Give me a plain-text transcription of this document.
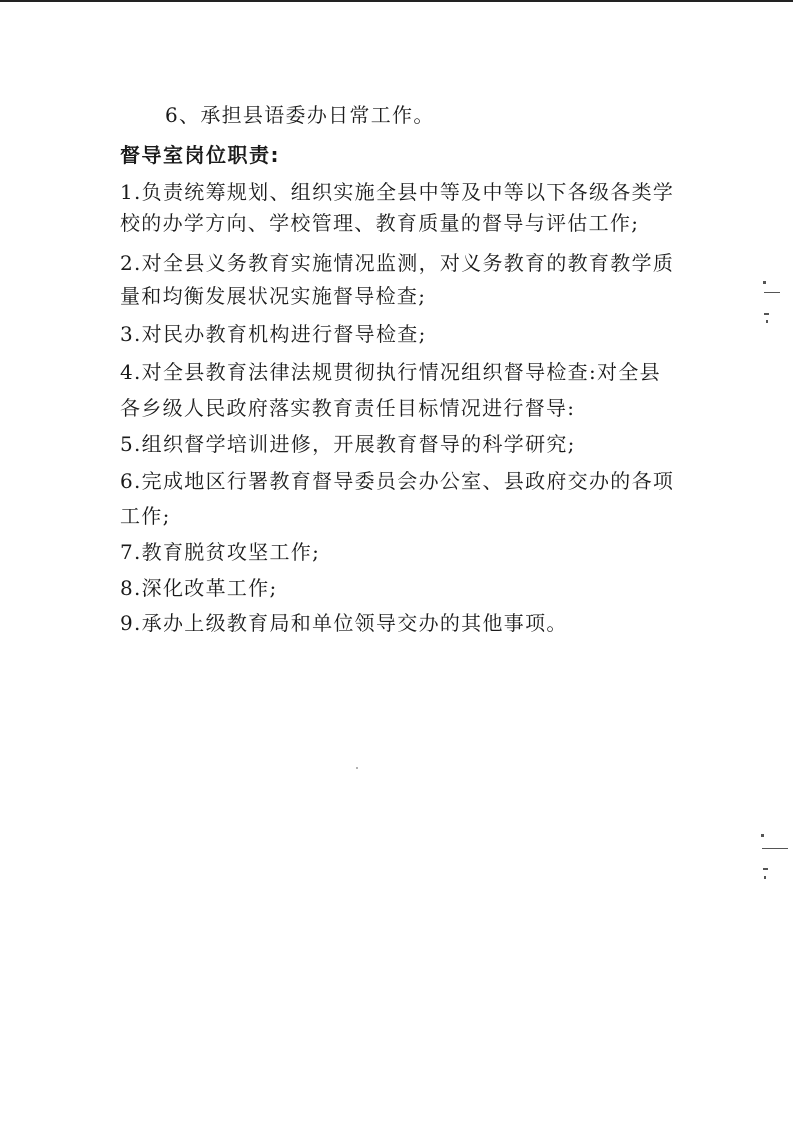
6、承担县语委办日常工作。
督导室岗位职责:
1.负责统筹规划、组织实施全县中等及中等以下各级各类学
校的办学方向、学校管理、教育质量的督导与评估工作;
2.对全县义务教育实施情况监测，对义务教育的教育教学质
量和均衡发展状况实施督导检查;
3.对民办教育机构进行督导检查;
4.对全县教育法律法规贯彻执行情况组织督导检查:对全县
各乡级人民政府落实教育责任目标情况进行督导:
5.组织督学培训进修，开展教育督导的科学研究;
6.完成地区行署教育督导委员会办公室、县政府交办的各项
工作;
7.教育脱贫攻坚工作;
8.深化改革工作;
9.承办上级教育局和单位领导交办的其他事项。
